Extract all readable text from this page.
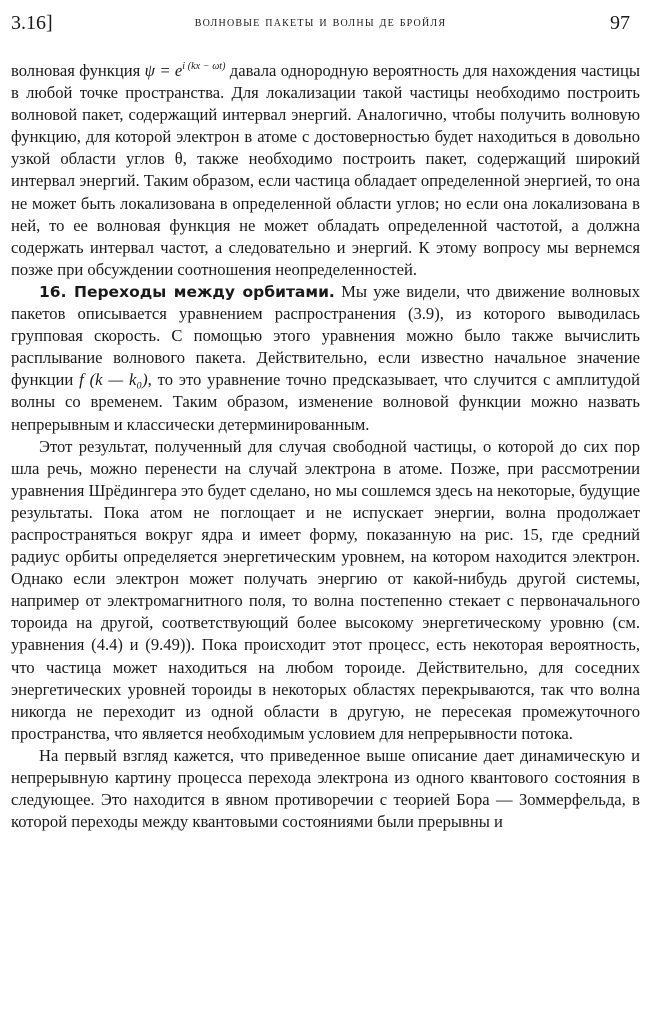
3.16]	волновые пакеты и волны де бройля	97

волновая функция $\psi = e^{i (kx - \omega t)}$ давала однородную вероятность для нахождения частицы в любой точке пространства. Для локализации такой частицы необходимо построить волновой пакет, содержащий интервал энергий. Аналогично, чтобы получить волновую функцию, для которой электрон в атоме с достоверностью будет находиться в довольно узкой области углов θ, также необходимо построить пакет, содержащий широкий интервал энергий. Таким образом, если частица обладает определенной энергией, то она не может быть локализована в определенной области углов; но если она локализована в ней, то ее волновая функция не может обладать определенной частотой, а должна содержать интервал частот, а следовательно и энергий. К этому вопросу мы вернемся позже при обсуждении соотношения неопределенностей.

16. Переходы между орбитами. Мы уже видели, что движение волновых пакетов описывается уравнением распространения (3.9), из которого выводилась групповая скорость. С помощью этого уравнения можно было также вычислить расплывание волнового пакета. Действительно, если известно начальное значение функции f (k — k₀), то это уравнение точно предсказывает, что случится с амплитудой волны со временем. Таким образом, изменение волновой функции можно назвать непрерывным и классически детерминированным.

Этот результат, полученный для случая свободной частицы, о которой до сих пор шла речь, можно перенести на случай электрона в атоме. Позже, при рассмотрении уравнения Шрёдингера это будет сделано, но мы сошлемся здесь на некоторые, будущие результаты. Пока атом не поглощает и не испускает энергии, волна продолжает распространяться вокруг ядра и имеет форму, показанную на рис. 15, где средний радиус орбиты определяется энергетическим уровнем, на котором находится электрон. Однако если электрон может получать энергию от какой-нибудь другой системы, например от электромагнитного поля, то волна постепенно стекает с первоначального тороида на другой, соответствующий более высокому энергетическому уровню (см. уравнения (4.4) и (9.49)). Пока происходит этот процесс, есть некоторая вероятность, что частица может находиться на любом тороиде. Действительно, для соседних энергетических уровней тороиды в некоторых областях перекрываются, так что волна никогда не переходит из одной области в другую, не пересекая промежуточного пространства, что является необходимым условием для непрерывности потока.

На первый взгляд кажется, что приведенное выше описание дает динамическую и непрерывную картину процесса перехода электрона из одного квантового состояния в следующее. Это находится в явном противоречии с теорией Бора — Зоммерфельда, в которой переходы между квантовыми состояниями были прерывны и
